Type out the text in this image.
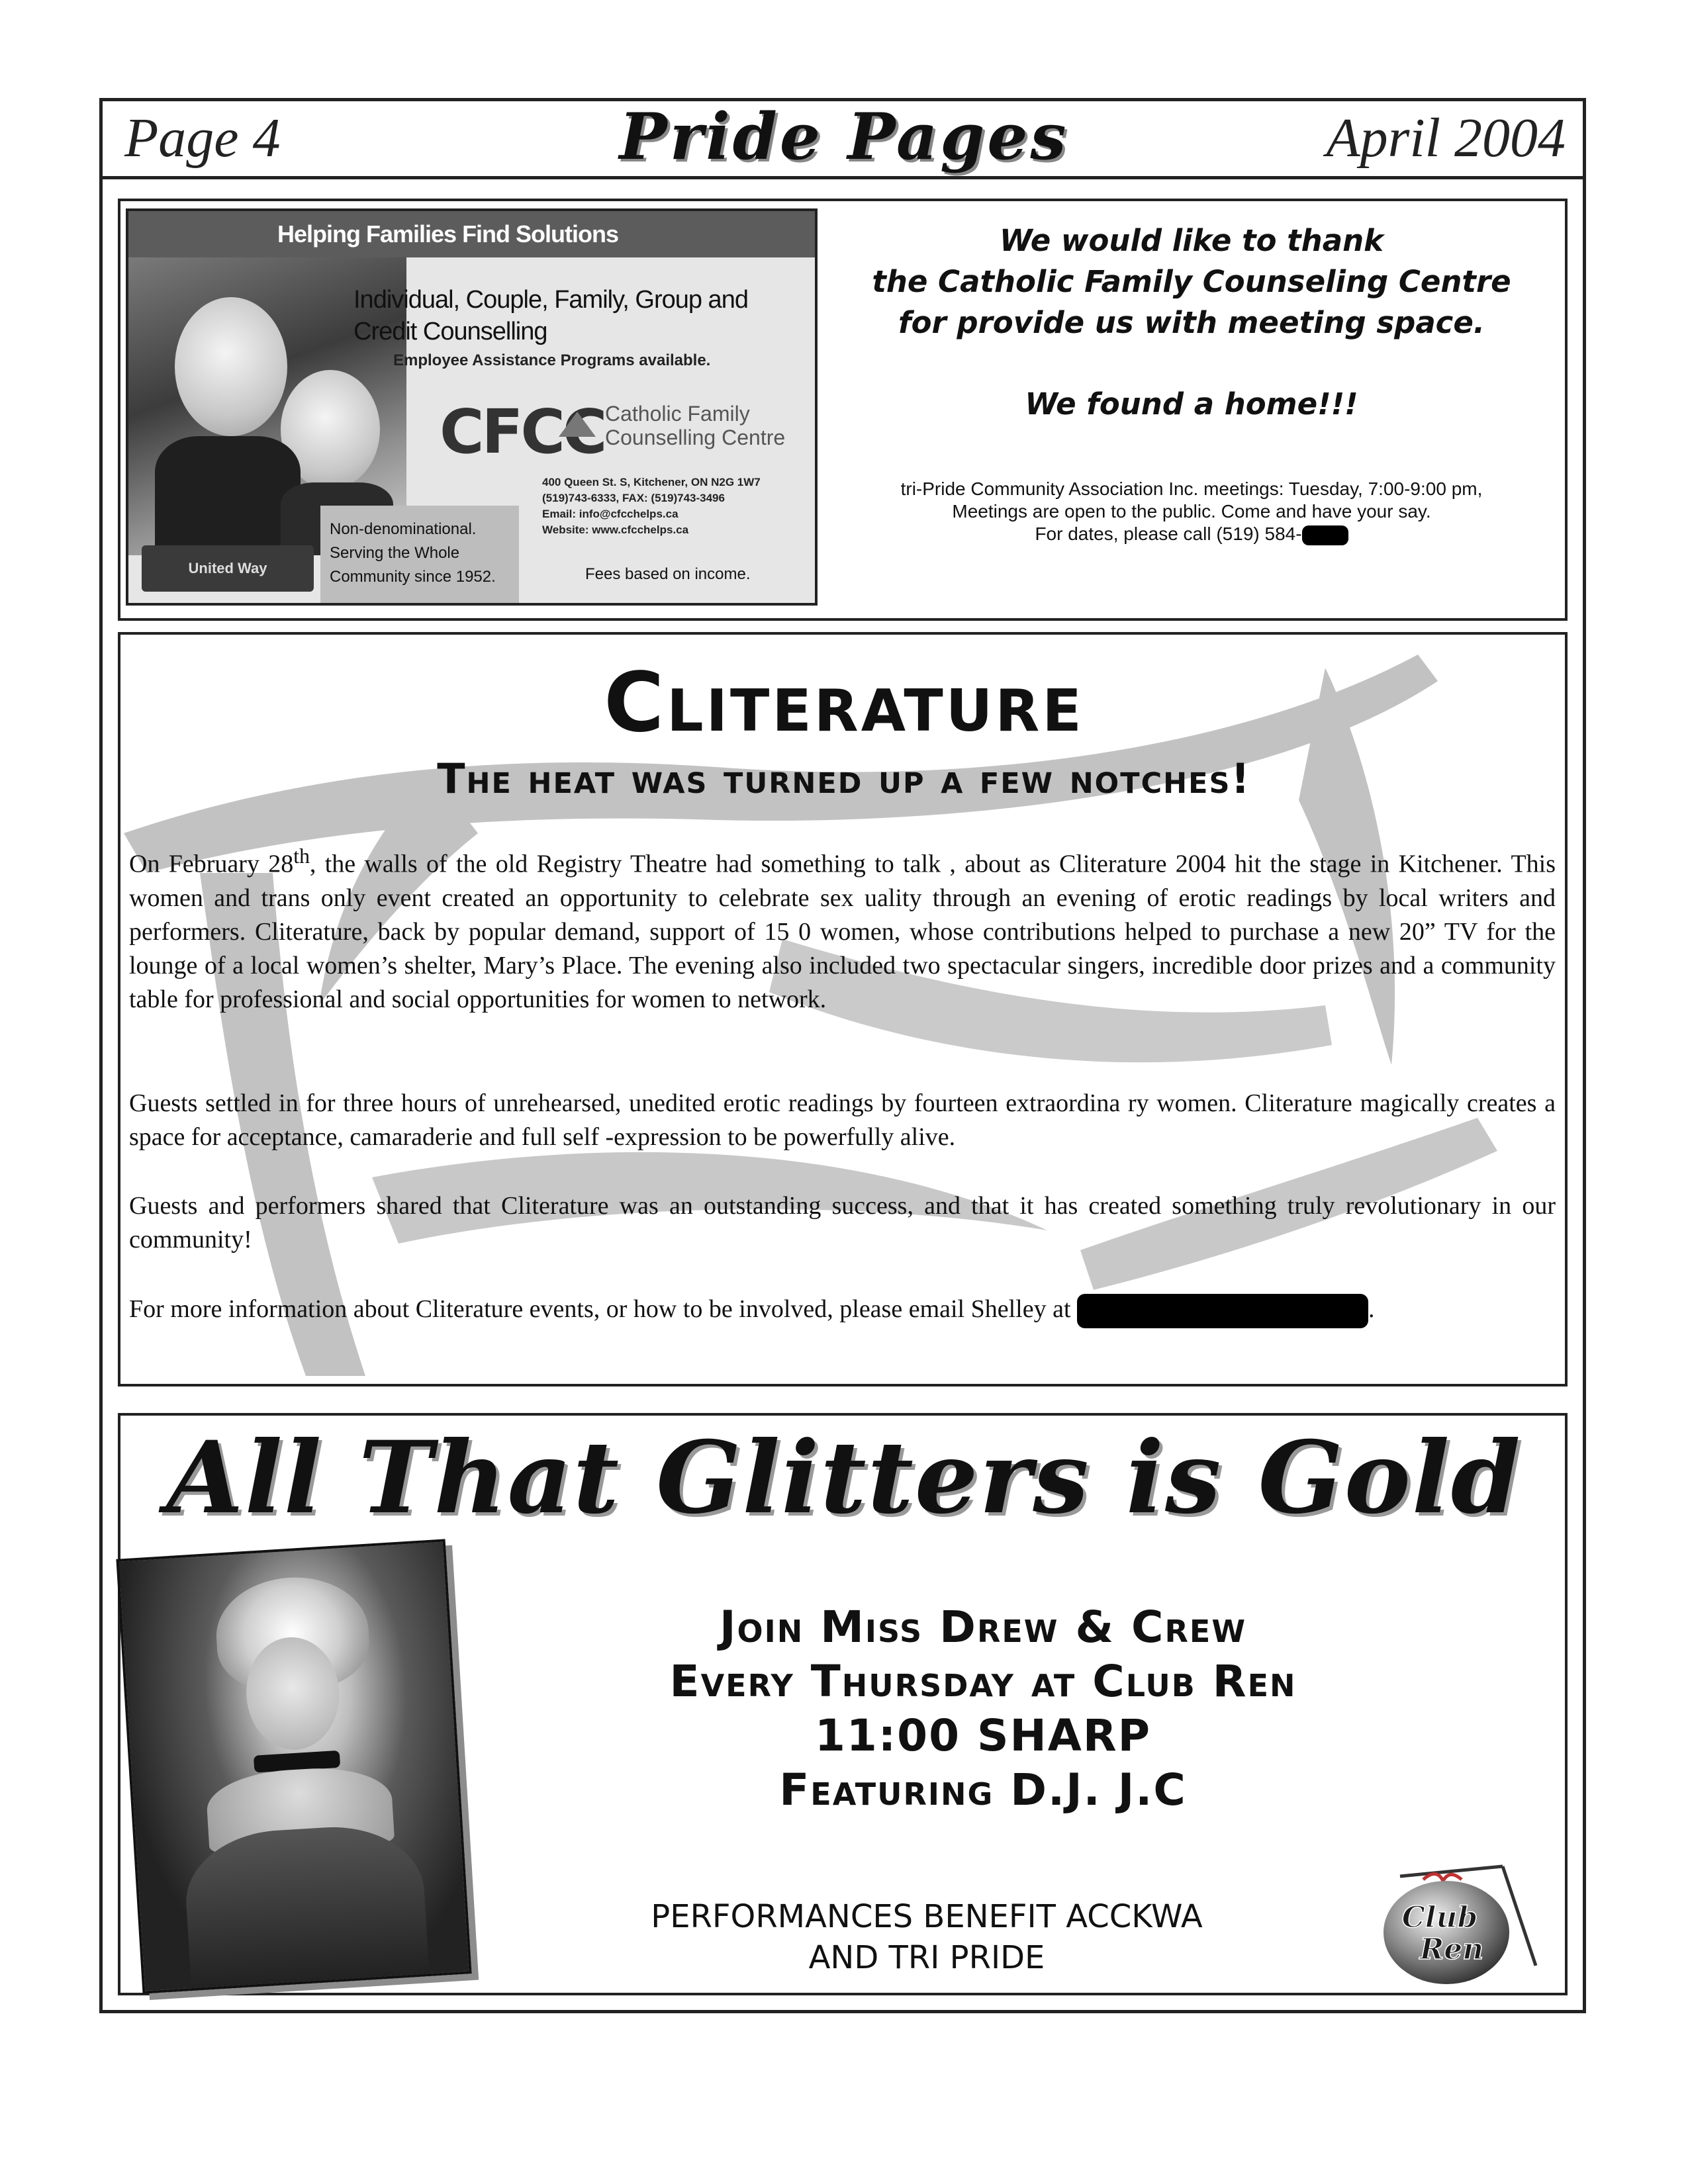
Page 4	Pride Pages	April 2004
Helping Families Find Solutions
Individual, Couple, Family, Group and
Credit Counselling
Employee Assistance Programs available.
CFCC Catholic Family
Counselling Centre
400 Queen St. S, Kitchener, ON N2G 1W7
(519)743-6333, FAX: (519)743-3496
Email: info@cfcchelps.ca
Website: www.cfcchelps.ca
Non-denominational.
Serving the Whole
Community since 1952.	Fees based on income.
United Way
We would like to thank
the Catholic Family Counseling Centre
for provide us with meeting space.
We found a home!!!
tri-Pride Community Association Inc. meetings: Tuesday, 7:00-9:00 pm,
Meetings are open to the public. Come and have your say.
For dates, please call (519) 584-
Cliterature
The heat was turned up a few notches!
On February 28th, the walls of the old Registry Theatre had something to talk , about as Cliterature 2004 hit the stage in Kitchener. This women and trans only event created an opportunity to celebrate sex uality through an evening of erotic readings by local writers and performers. Cliterature, back by popular demand, support of 15 0 women, whose contributions helped to purchase a new 20” TV for the lounge of a local women’s shelter, Mary’s Place. The evening also included two spectacular singers, incredible door prizes and a community table for professional and social opportunities for women to network.
Guests settled in for three hours of unrehearsed, unedited erotic readings by fourteen extraordina ry women. Cliterature magically creates a space for acceptance, camaraderie and full self -expression to be powerfully alive.
Guests and performers shared that Cliterature was an outstanding success, and that it has created something truly revolutionary in our community!
For more information about Cliterature events, or how to be involved, please email Shelley at	.
All That Glitters is Gold
Join Miss Drew & Crew
Every Thursday at Club Ren
11:00 SHARP
Featuring D.J. J.C
PERFORMANCES BENEFIT ACCKWA
AND TRI PRIDE
Club
Ren
